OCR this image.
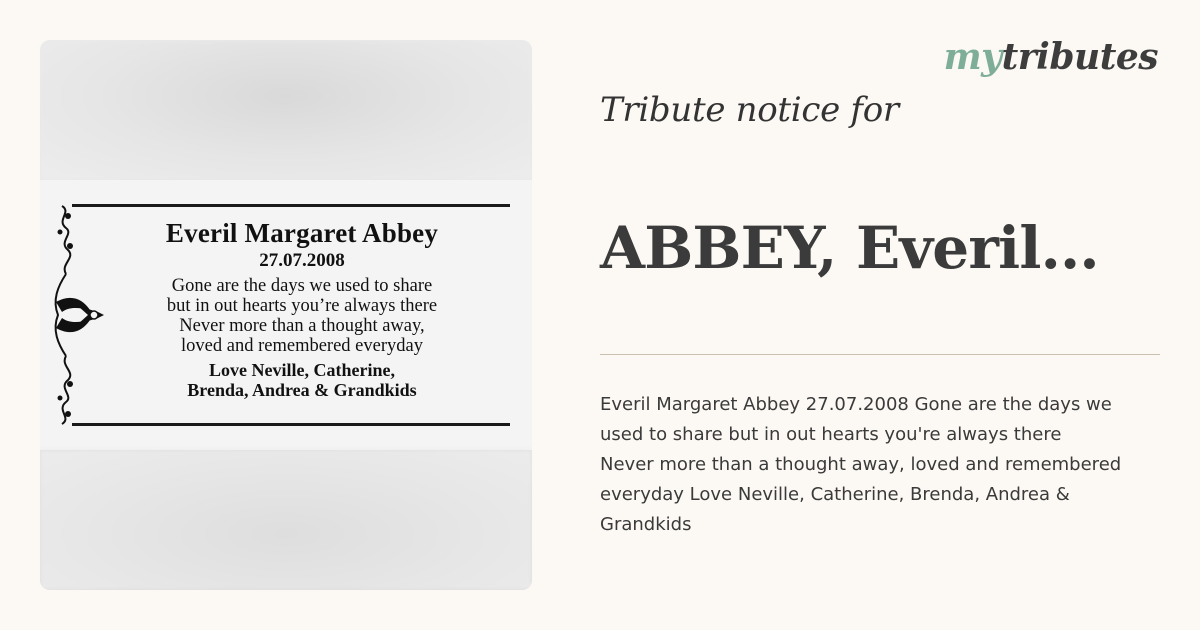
Everil Margaret Abbey
27.07.2008
Gone are the days we used to share
but in out hearts you’re always there
Never more than a thought away,
loved and remembered everyday
Love Neville, Catherine,
Brenda, Andrea & Grandkids
mytributes
Tribute notice for
ABBEY, Everil...
Everil Margaret Abbey 27.07.2008 Gone are the days we
used to share but in out hearts you're always there
Never more than a thought away, loved and remembered
everyday Love Neville, Catherine, Brenda, Andrea &
Grandkids
